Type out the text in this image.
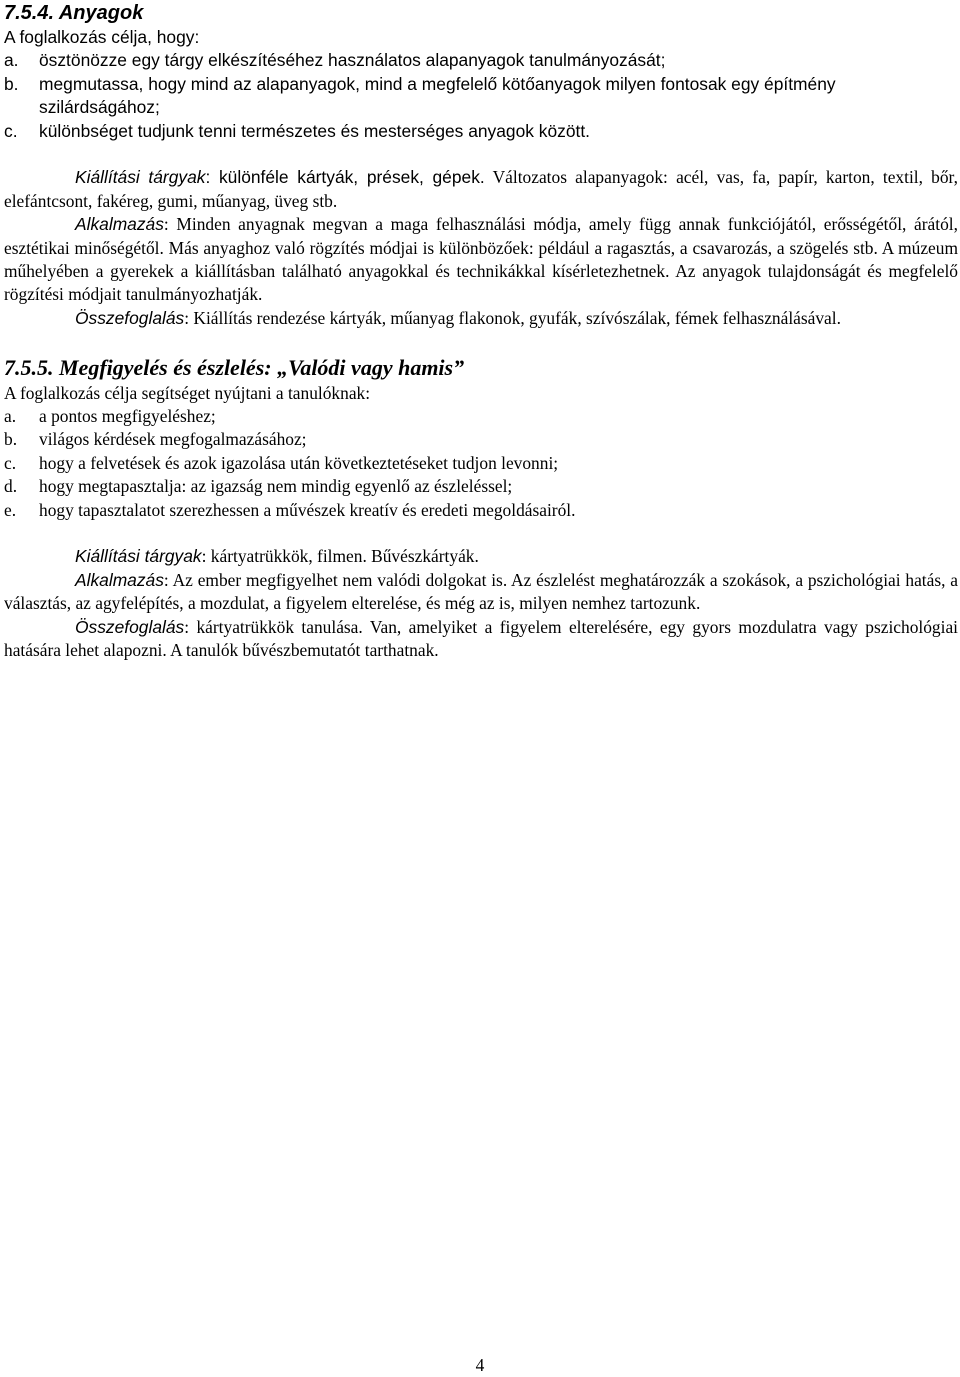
7.5.4. Anyagok
A foglalkozás célja, hogy:
a.	ösztönözze egy tárgy elkészítéséhez használatos alapanyagok tanulmányozását;
b.	megmutassa, hogy mind az alapanyagok, mind a megfelelő kötőanyagok milyen fontosak egy építmény szilárdságához;
c.	különbséget tudjunk tenni természetes és mesterséges anyagok között.
Kiállítási tárgyak: különféle kártyák, prések, gépek. Változatos alapanyagok: acél, vas, fa, papír, karton, textil, bőr, elefántcsont, fakéreg, gumi, műanyag, üveg stb.
Alkalmazás: Minden anyagnak megvan a maga felhasználási módja, amely függ annak funkciójától, erősségétől, árától, esztétikai minőségétől. Más anyaghoz való rögzítés módjai is különbözőek: például a ragasztás, a csavarozás, a szögelés stb. A múzeum műhelyében a gyerekek a kiállításban található anyagokkal és technikákkal kísérletezhetnek. Az anyagok tulajdonságát és megfelelő rögzítési módjait tanulmányozhatják.
Összefoglalás: Kiállítás rendezése kártyák, műanyag flakonok, gyufák, szívószálak, fémek felhasználásával.
7.5.5. Megfigyelés és észlelés: „Valódi vagy hamis”
A foglalkozás célja segítséget nyújtani a tanulóknak:
a.	a pontos megfigyeléshez;
b.	világos kérdések megfogalmazásához;
c.	hogy a felvetések és azok igazolása után következtetéseket tudjon levonni;
d.	hogy megtapasztalja: az igazság nem mindig egyenlő az észleléssel;
e.	hogy tapasztalatot szerezhessen a művészek kreatív és eredeti megoldásairól.
Kiállítási tárgyak: kártyatrükkök, filmen. Bűvészkártyák.
Alkalmazás: Az ember megfigyelhet nem valódi dolgokat is. Az észlelést meghatározzák a szokások, a pszichológiai hatás, a választás, az agyfelépítés, a mozdulat, a figyelem elterelése, és még az is, milyen nemhez tartozunk.
Összefoglalás: kártyatrükkök tanulása. Van, amelyiket a figyelem elterelésére, egy gyors mozdulatra vagy pszichológiai hatására lehet alapozni. A tanulók bűvészbemutatót tarthatnak.
4
